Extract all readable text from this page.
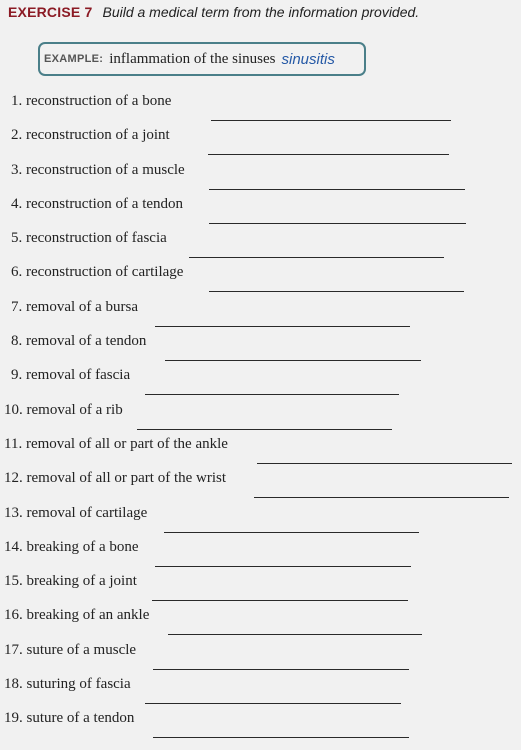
EXERCISE 7 Build a medical term from the information provided.
EXAMPLE: inflammation of the sinuses sinusitis
1. reconstruction of a bone
2. reconstruction of a joint
3. reconstruction of a muscle
4. reconstruction of a tendon
5. reconstruction of fascia
6. reconstruction of cartilage
7. removal of a bursa
8. removal of a tendon
9. removal of fascia
10. removal of a rib
11. removal of all or part of the ankle
12. removal of all or part of the wrist
13. removal of cartilage
14. breaking of a bone
15. breaking of a joint
16. breaking of an ankle
17. suture of a muscle
18. suturing of fascia
19. suture of a tendon
